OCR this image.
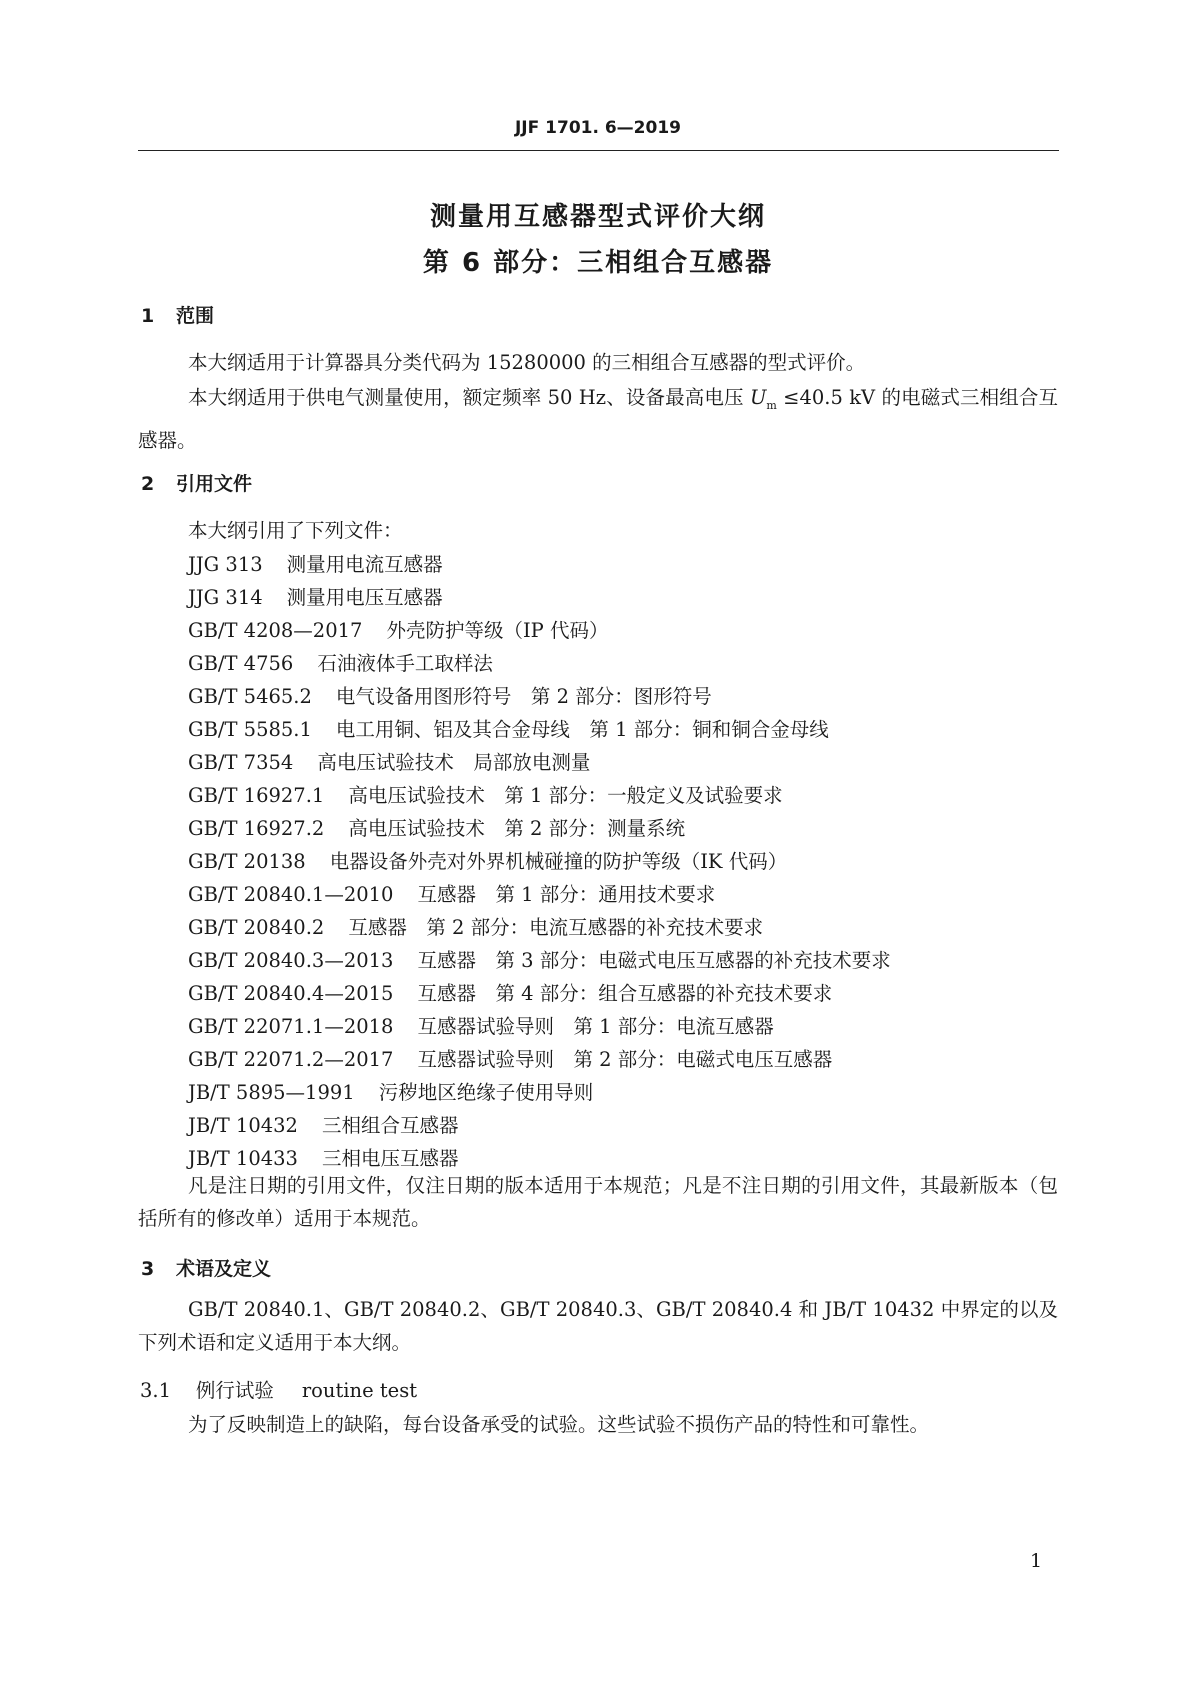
JJF 1701. 6—2019
测量用互感器型式评价大纲
第 6 部分：三相组合互感器
1 范围
本大纲适用于计算器具分类代码为 15280000 的三相组合互感器的型式评价。
本大纲适用于供电气测量使用，额定频率 50 Hz、设备最高电压 $U_m \le 40.5$ kV 的电磁式三相组合互感器。
2 引用文件
本大纲引用了下列文件：
JJG 313 测量用电流互感器
JJG 314 测量用电压互感器
GB/T 4208—2017 外壳防护等级（IP 代码）
GB/T 4756 石油液体手工取样法
GB/T 5465.2 电气设备用图形符号　第 2 部分：图形符号
GB/T 5585.1 电工用铜、铝及其合金母线　第 1 部分：铜和铜合金母线
GB/T 7354 高电压试验技术　局部放电测量
GB/T 16927.1 高电压试验技术　第 1 部分：一般定义及试验要求
GB/T 16927.2 高电压试验技术　第 2 部分：测量系统
GB/T 20138 电器设备外壳对外界机械碰撞的防护等级（IK 代码）
GB/T 20840.1—2010 互感器　第 1 部分：通用技术要求
GB/T 20840.2 互感器　第 2 部分：电流互感器的补充技术要求
GB/T 20840.3—2013 互感器　第 3 部分：电磁式电压互感器的补充技术要求
GB/T 20840.4—2015 互感器　第 4 部分：组合互感器的补充技术要求
GB/T 22071.1—2018 互感器试验导则　第 1 部分：电流互感器
GB/T 22071.2—2017 互感器试验导则　第 2 部分：电磁式电压互感器
JB/T 5895—1991 污秽地区绝缘子使用导则
JB/T 10432 三相组合互感器
JB/T 10433 三相电压互感器
凡是注日期的引用文件，仅注日期的版本适用于本规范；凡是不注日期的引用文件，其最新版本（包括所有的修改单）适用于本规范。
3 术语及定义
GB/T 20840.1、GB/T 20840.2、GB/T 20840.3、GB/T 20840.4 和 JB/T 10432 中界定的以及下列术语和定义适用于本大纲。
3.1 例行试验 routine test
为了反映制造上的缺陷，每台设备承受的试验。这些试验不损伤产品的特性和可靠性。
1
